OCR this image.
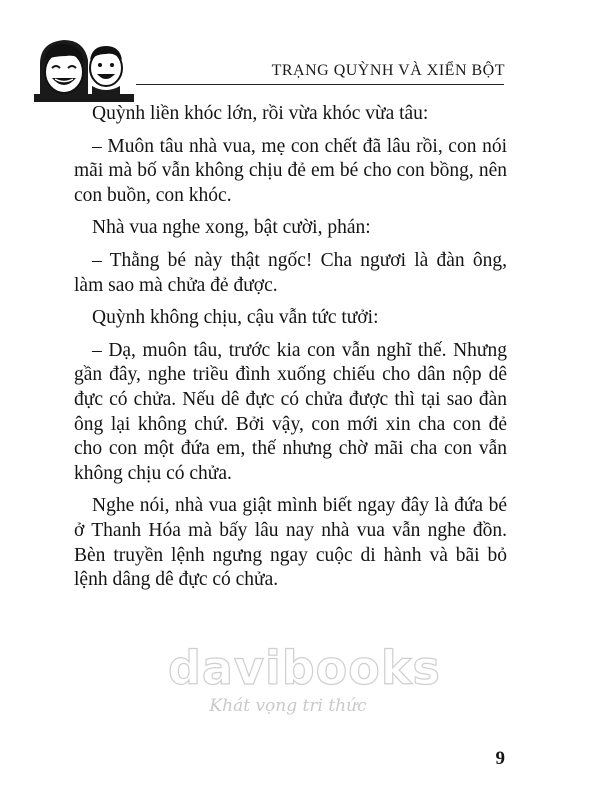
TRẠNG QUỲNH VÀ XIỂN BỘT

Quỳnh liền khóc lớn, rồi vừa khóc vừa tâu:

– Muôn tâu nhà vua, mẹ con chết đã lâu rồi, con nói mãi mà bố vẫn không chịu đẻ em bé cho con bồng, nên con buồn, con khóc.

Nhà vua nghe xong, bật cười, phán:

– Thằng bé này thật ngốc! Cha ngươi là đàn ông, làm sao mà chửa đẻ được.

Quỳnh không chịu, cậu vẫn tức tưởi:

– Dạ, muôn tâu, trước kia con vẫn nghĩ thế. Nhưng gần đây, nghe triều đình xuống chiếu cho dân nộp dê đực có chửa. Nếu dê đực có chửa được thì tại sao đàn ông lại không chứ. Bởi vậy, con mới xin cha con đẻ cho con một đứa em, thế nhưng chờ mãi cha con vẫn không chịu có chửa.

Nghe nói, nhà vua giật mình biết ngay đây là đứa bé ở Thanh Hóa mà bấy lâu nay nhà vua vẫn nghe đồn. Bèn truyền lệnh ngưng ngay cuộc di hành và bãi bỏ lệnh dâng dê đực có chửa.

davibooks
Khát vọng tri thức
9
